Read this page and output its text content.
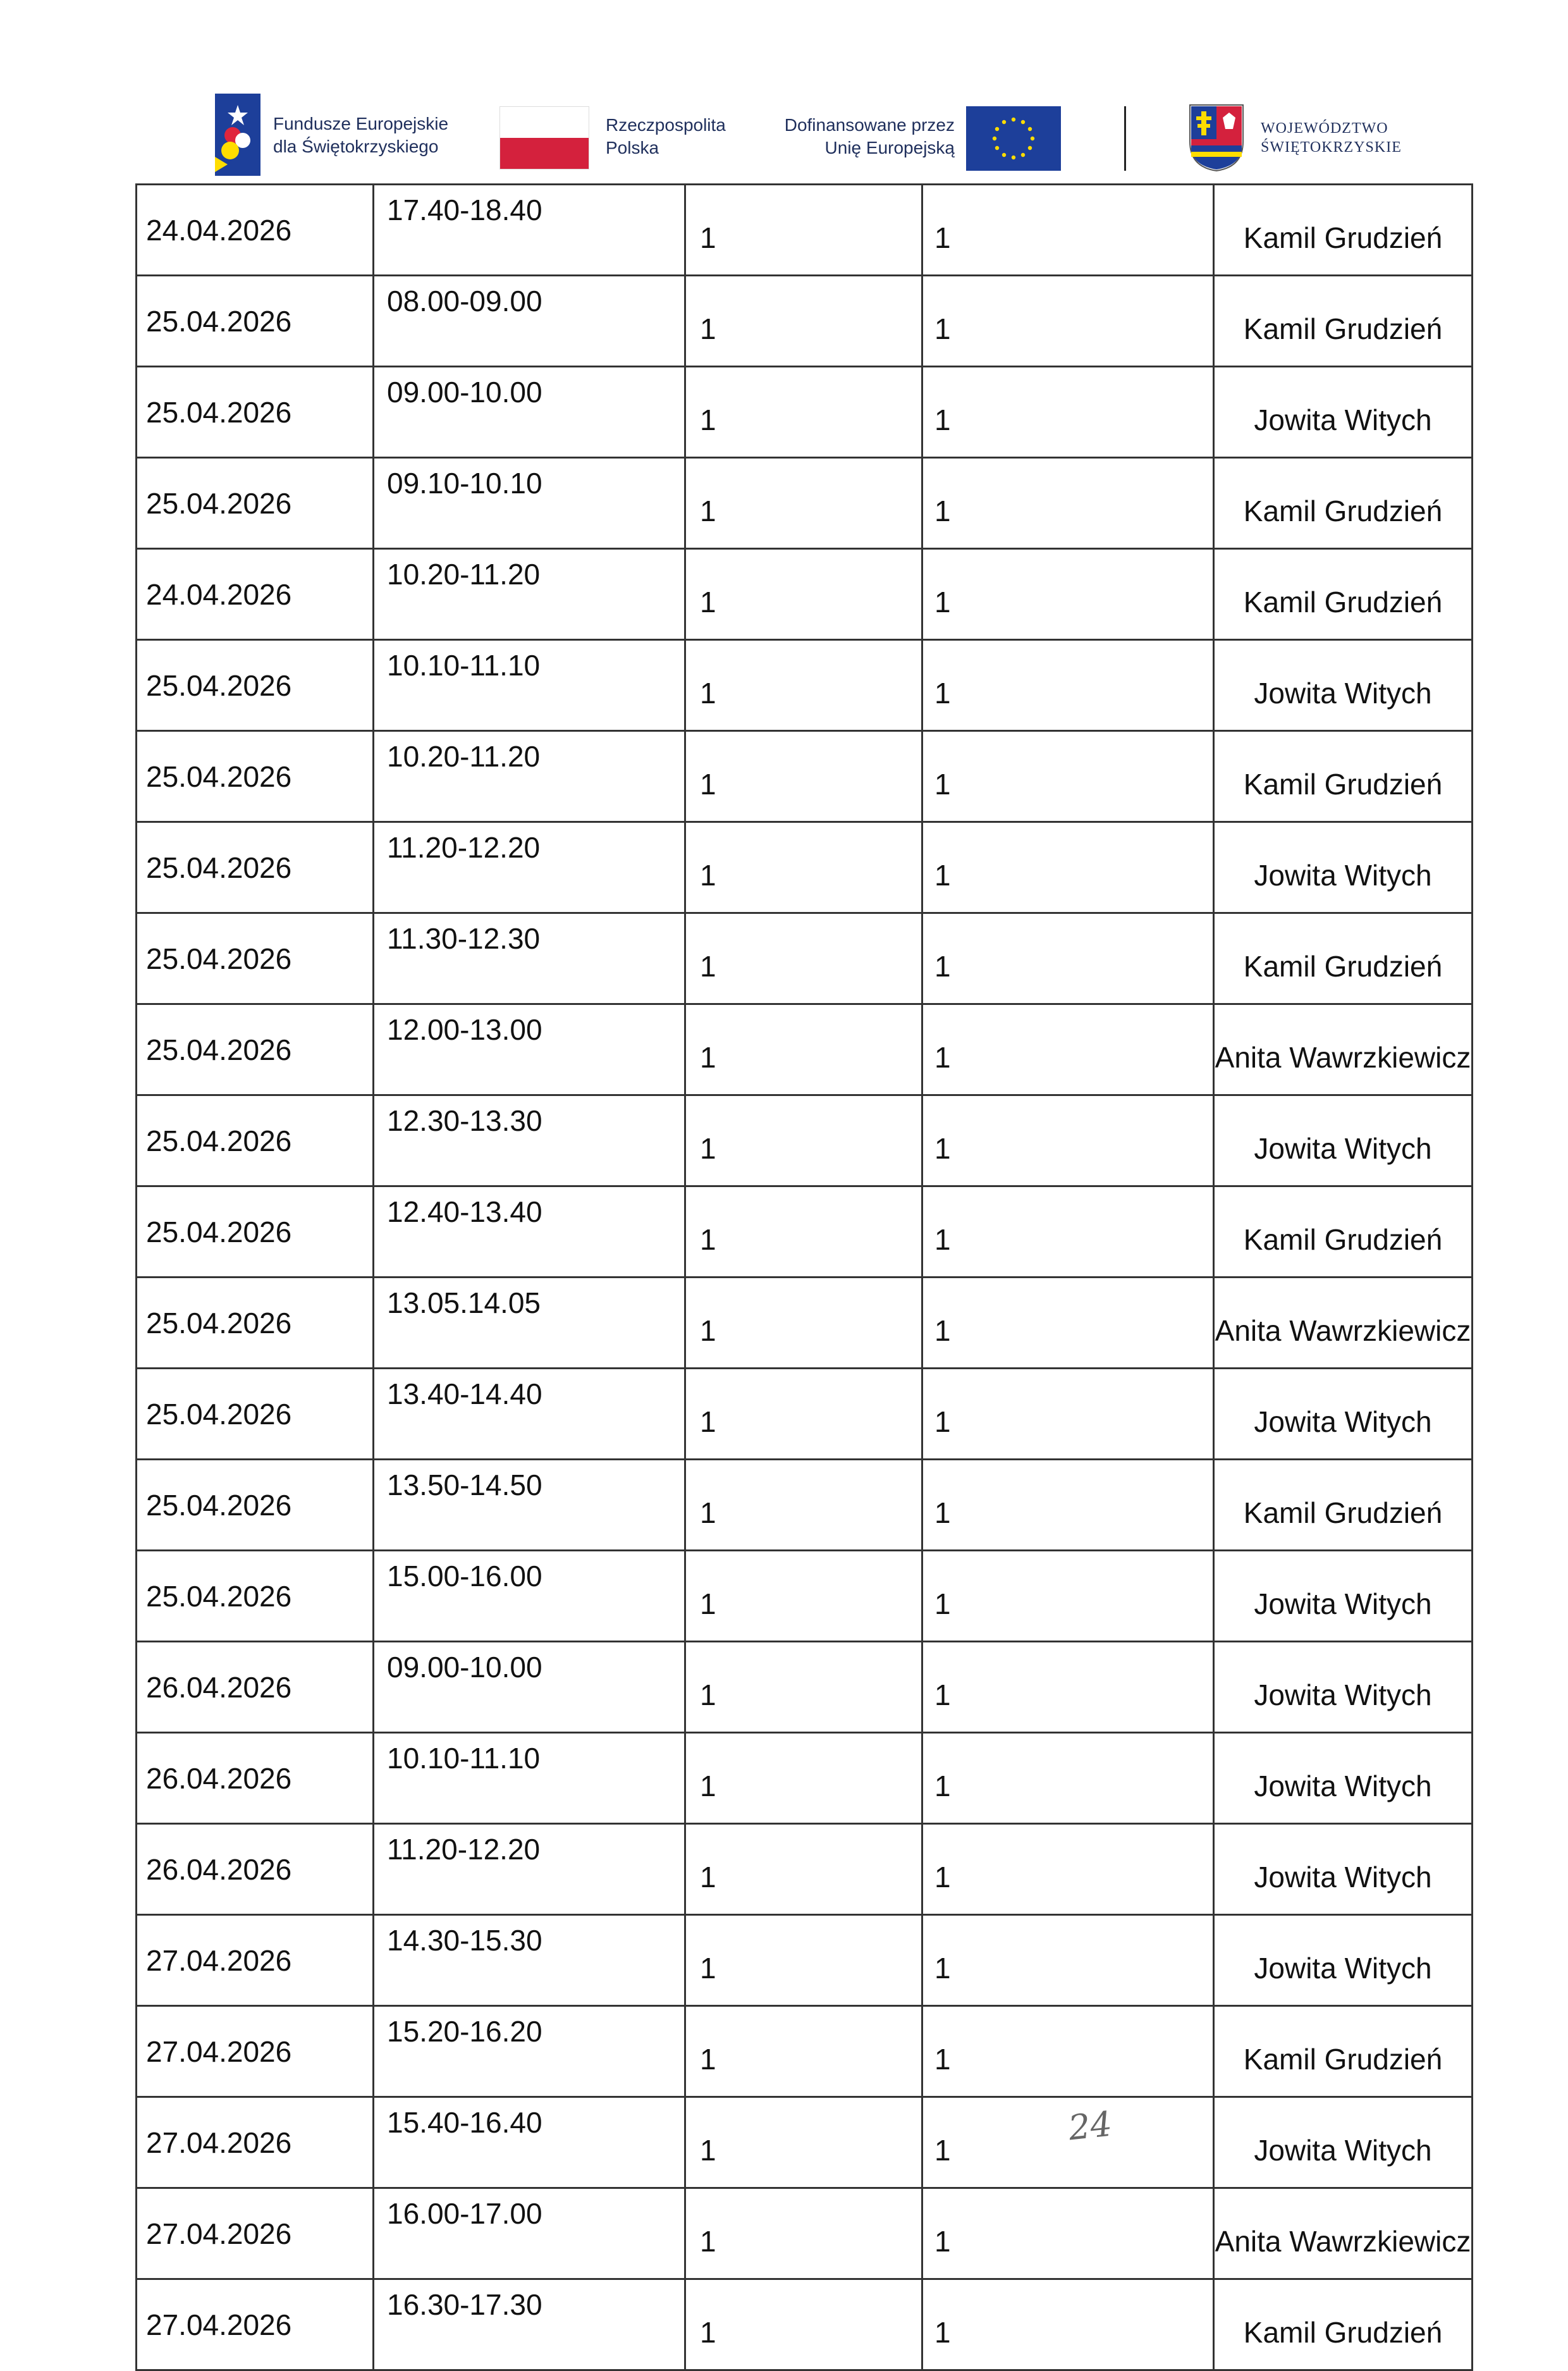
Fundusze Europejskie
dla Świętokrzyskiego
Rzeczpospolita
Polska
Dofinansowane przez
Unię Europejską
WOJEWÓDZTWO
ŚWIĘTOKRZYSKIE
24.04.2026	17.40-18.40	1	1	Kamil Grudzień
25.04.2026	08.00-09.00	1	1	Kamil Grudzień
25.04.2026	09.00-10.00	1	1	Jowita Witych
25.04.2026	09.10-10.10	1	1	Kamil Grudzień
24.04.2026	10.20-11.20	1	1	Kamil Grudzień
25.04.2026	10.10-11.10	1	1	Jowita Witych
25.04.2026	10.20-11.20	1	1	Kamil Grudzień
25.04.2026	11.20-12.20	1	1	Jowita Witych
25.04.2026	11.30-12.30	1	1	Kamil Grudzień
25.04.2026	12.00-13.00	1	1	Anita Wawrzkiewicz
25.04.2026	12.30-13.30	1	1	Jowita Witych
25.04.2026	12.40-13.40	1	1	Kamil Grudzień
25.04.2026	13.05.14.05	1	1	Anita Wawrzkiewicz
25.04.2026	13.40-14.40	1	1	Jowita Witych
25.04.2026	13.50-14.50	1	1	Kamil Grudzień
25.04.2026	15.00-16.00	1	1	Jowita Witych
26.04.2026	09.00-10.00	1	1	Jowita Witych
26.04.2026	10.10-11.10	1	1	Jowita Witych
26.04.2026	11.20-12.20	1	1	Jowita Witych
27.04.2026	14.30-15.30	1	1	Jowita Witych
27.04.2026	15.20-16.20	1	1	Kamil Grudzień
27.04.2026	15.40-16.40	1	1	Jowita Witych
27.04.2026	16.00-17.00	1	1	Anita Wawrzkiewicz
27.04.2026	16.30-17.30	1	1	Kamil Grudzień
24
